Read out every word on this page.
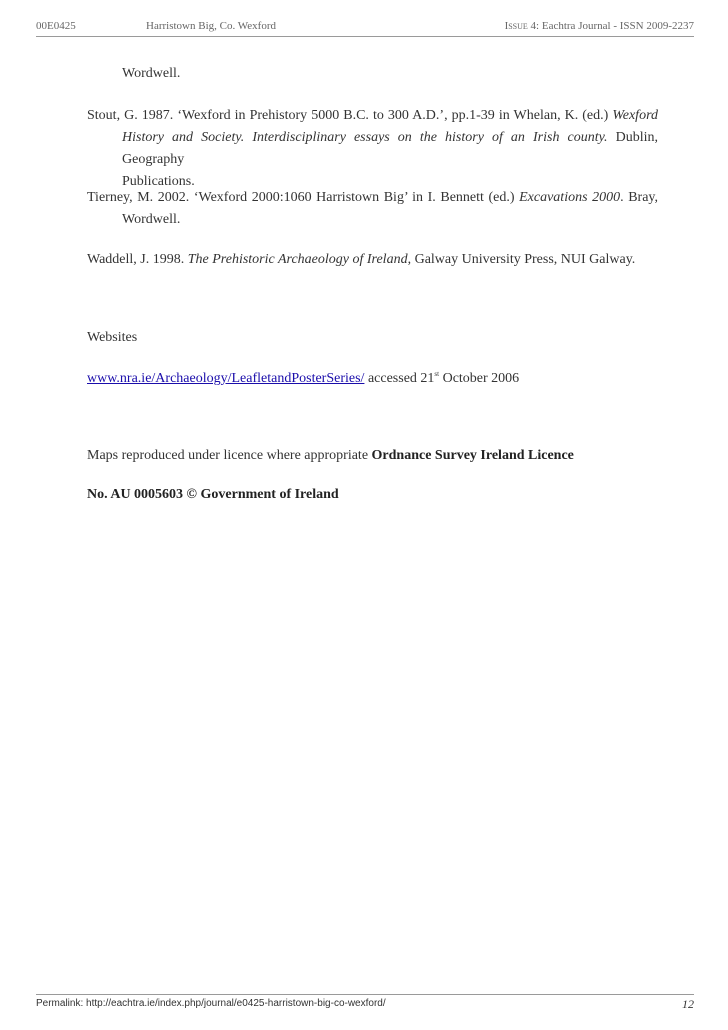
00E0425	Harristown Big, Co. Wexford	Issue 4: Eachtra Journal - ISSN 2009-2237
Wordwell.
Stout, G. 1987. ‘Wexford in Prehistory 5000 B.C. to 300 A.D.’, pp.1-39 in Whelan, K. (ed.) Wexford
History and Society. Interdisciplinary essays on the history of an Irish county. Dublin, Geography
Publications.
Tierney, M. 2002. ‘Wexford 2000:1060 Harristown Big’ in I. Bennett (ed.) Excavations 2000. Bray,
Wordwell.
Waddell, J. 1998. The Prehistoric Archaeology of Ireland, Galway University Press, NUI Galway.
Websites
www.nra.ie/Archaeology/LeafletandPosterSeries/ accessed 21st October 2006
Maps reproduced under licence where appropriate Ordnance Survey Ireland Licence
No. AU 0005603 © Government of Ireland
Permalink: http://eachtra.ie/index.php/journal/e0425-harristown-big-co-wexford/	12
